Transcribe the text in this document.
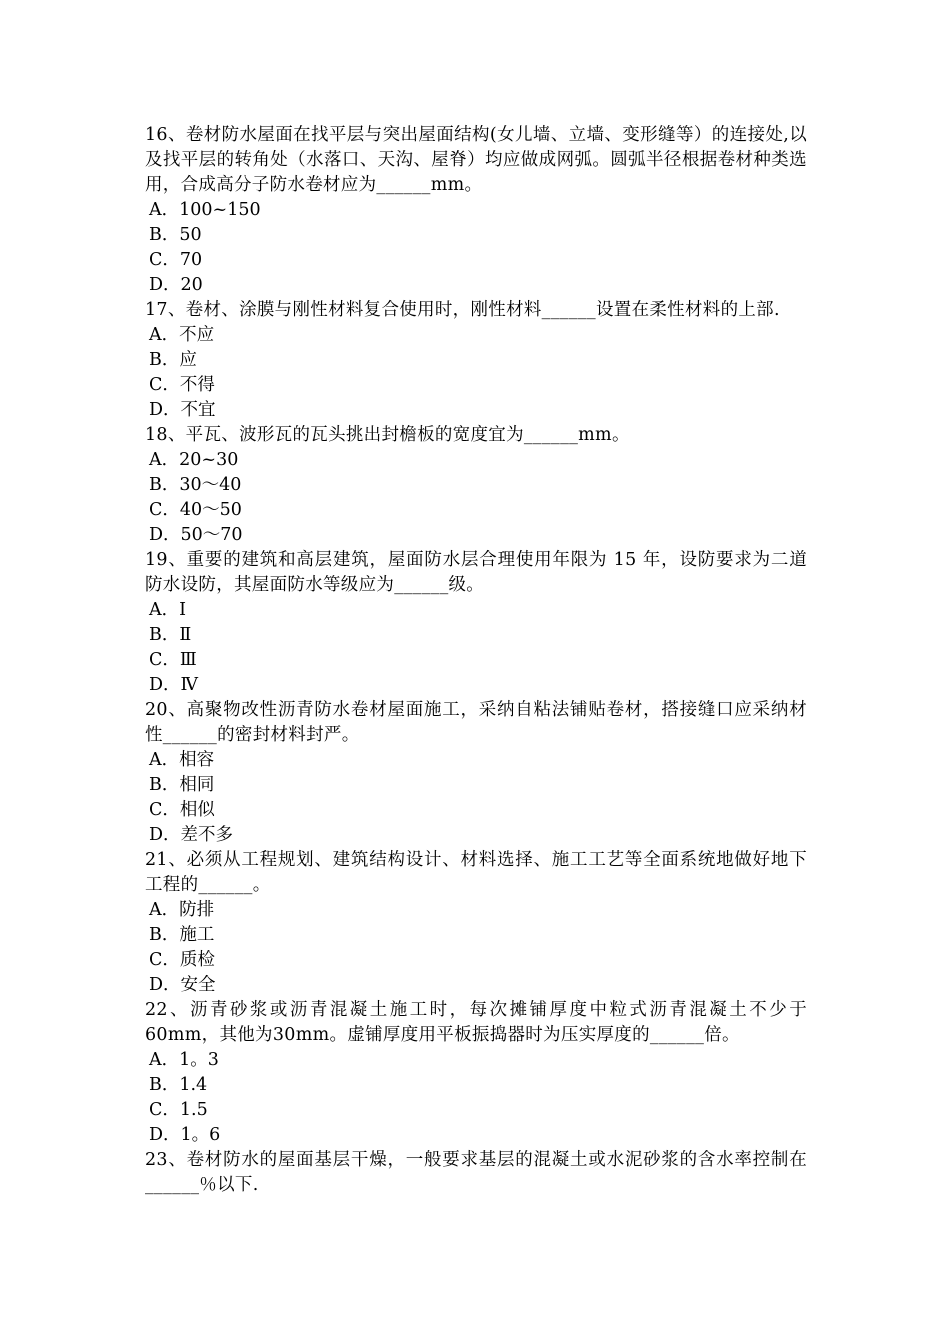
16、卷材防水屋面在找平层与突出屋面结构(女儿墙、立墙、变形缝等）的连接处,以及找平层的转角处（水落口、天沟、屋脊）均应做成网弧。圆弧半径根据卷材种类选用，合成高分子防水卷材应为______mm。

A．100~150

B．50

C．70

D．20

17、卷材、涂膜与刚性材料复合使用时，刚性材料______设置在柔性材料的上部.

A．不应

B．应

C．不得

D．不宜

18、平瓦、波形瓦的瓦头挑出封檐板的宽度宜为______mm。

A．20~30

B．30～40

C．40～50

D．50～70

19、重要的建筑和高层建筑，屋面防水层合理使用年限为 15 年，设防要求为二道防水设防，其屋面防水等级应为______级。

A．Ⅰ

B．Ⅱ

C．Ⅲ

D．Ⅳ

20、高聚物改性沥青防水卷材屋面施工，采纳自粘法铺贴卷材，搭接缝口应采纳材性______的密封材料封严。

A．相容

B．相同

C．相似

D．差不多

21、必须从工程规划、建筑结构设计、材料选择、施工工艺等全面系统地做好地下工程的______。

A．防排

B．施工

C．质检

D．安全

22、沥青砂浆或沥青混凝土施工时，每次摊铺厚度中粒式沥青混凝土不少于60mm，其他为30mm。虚铺厚度用平板振捣器时为压实厚度的______倍。

A．1。3

B．1.4

C．1.5

D．1。6

23、卷材防水的屋面基层干燥，一般要求基层的混凝土或水泥砂浆的含水率控制在______％以下.
